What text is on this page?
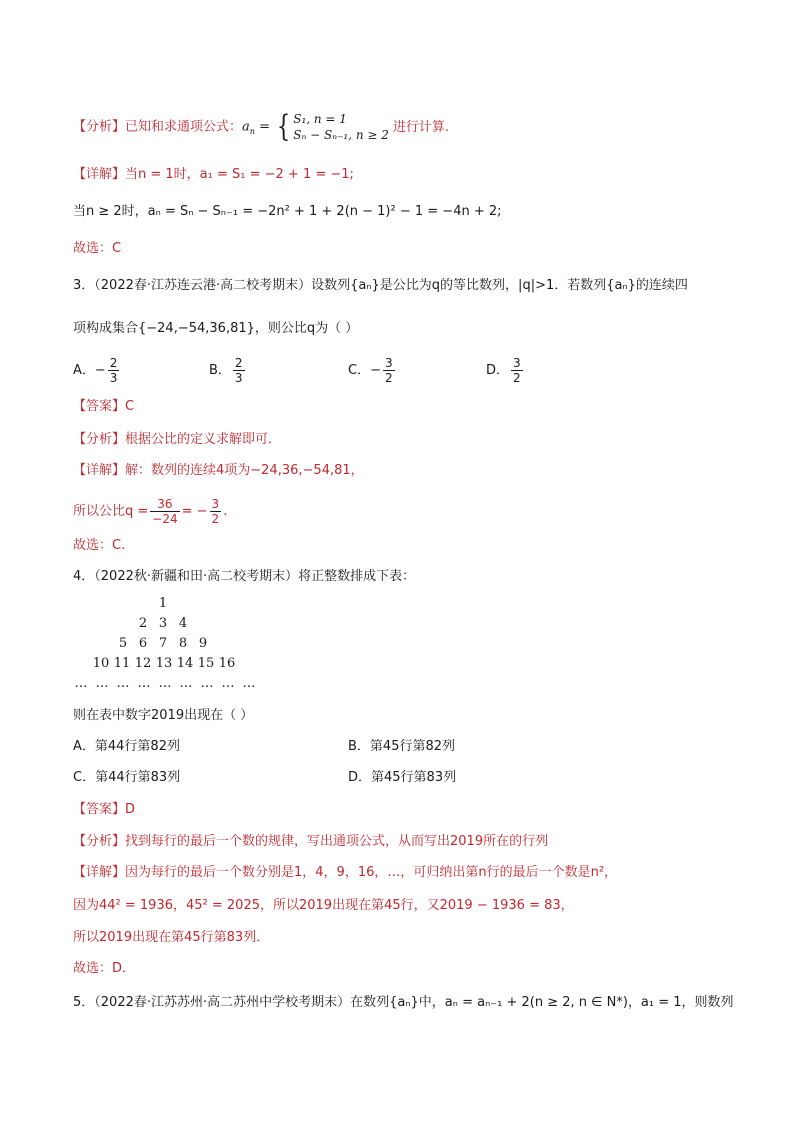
【分析】已知和求通项公式：$a_n$ = { S₁, n = 1
Sₙ − Sₙ₋₁, n ≥ 2
进行计算.
【详解】当n = 1时，a₁ = S₁ = −2 + 1 = −1;
当n ≥ 2时，aₙ = Sₙ − Sₙ₋₁ = −2n² + 1 + 2(n − 1)² − 1 = −4n + 2;
故选：C
3．（2022春·江苏连云港·高二校考期末）设数列{aₙ}是公比为q的等比数列，|q|>1．若数列{aₙ}的连续四
项构成集合{−24,−54,36,81}，则公比q为（ ）
A．− $\frac{2}{3}$	B． $\frac{2}{3}$	C．− $\frac{3}{2}$	D． $\frac{3}{2}$
【答案】C
【分析】根据公比的定义求解即可．
【详解】解：数列的连续4项为−24,36,−54,81，
所以公比$q = \frac{36}{-24}$ = − $\frac{3}{2}$ .
故选：C.
4．（2022秋·新疆和田·高二校考期末）将正整数排成下表：
1
2 3 4
5 6 7 8 9
10 11 12 13 14 15 16
… … … … … … … … …
则在表中数字2019出现在（ ）
A．第44行第82列	B．第45行第82列
C．第44行第83列	D．第45行第83列
【答案】D
【分析】找到每行的最后一个数的规律，写出通项公式，从而写出2019所在的行列
【详解】因为每行的最后一个数分别是1，4，9，16，…，可归纳出第n行的最后一个数是n²，
因为44² = 1936，45² = 2025，所以2019出现在第45行，又2019 − 1936 = 83，
所以2019出现在第45行第83列．
故选：D．
5．（2022春·江苏苏州·高二苏州中学校考期末）在数列{aₙ}中，aₙ = aₙ₋₁ + 2(n ≥ 2, n ∈ N*)，a₁ = 1，则数列
